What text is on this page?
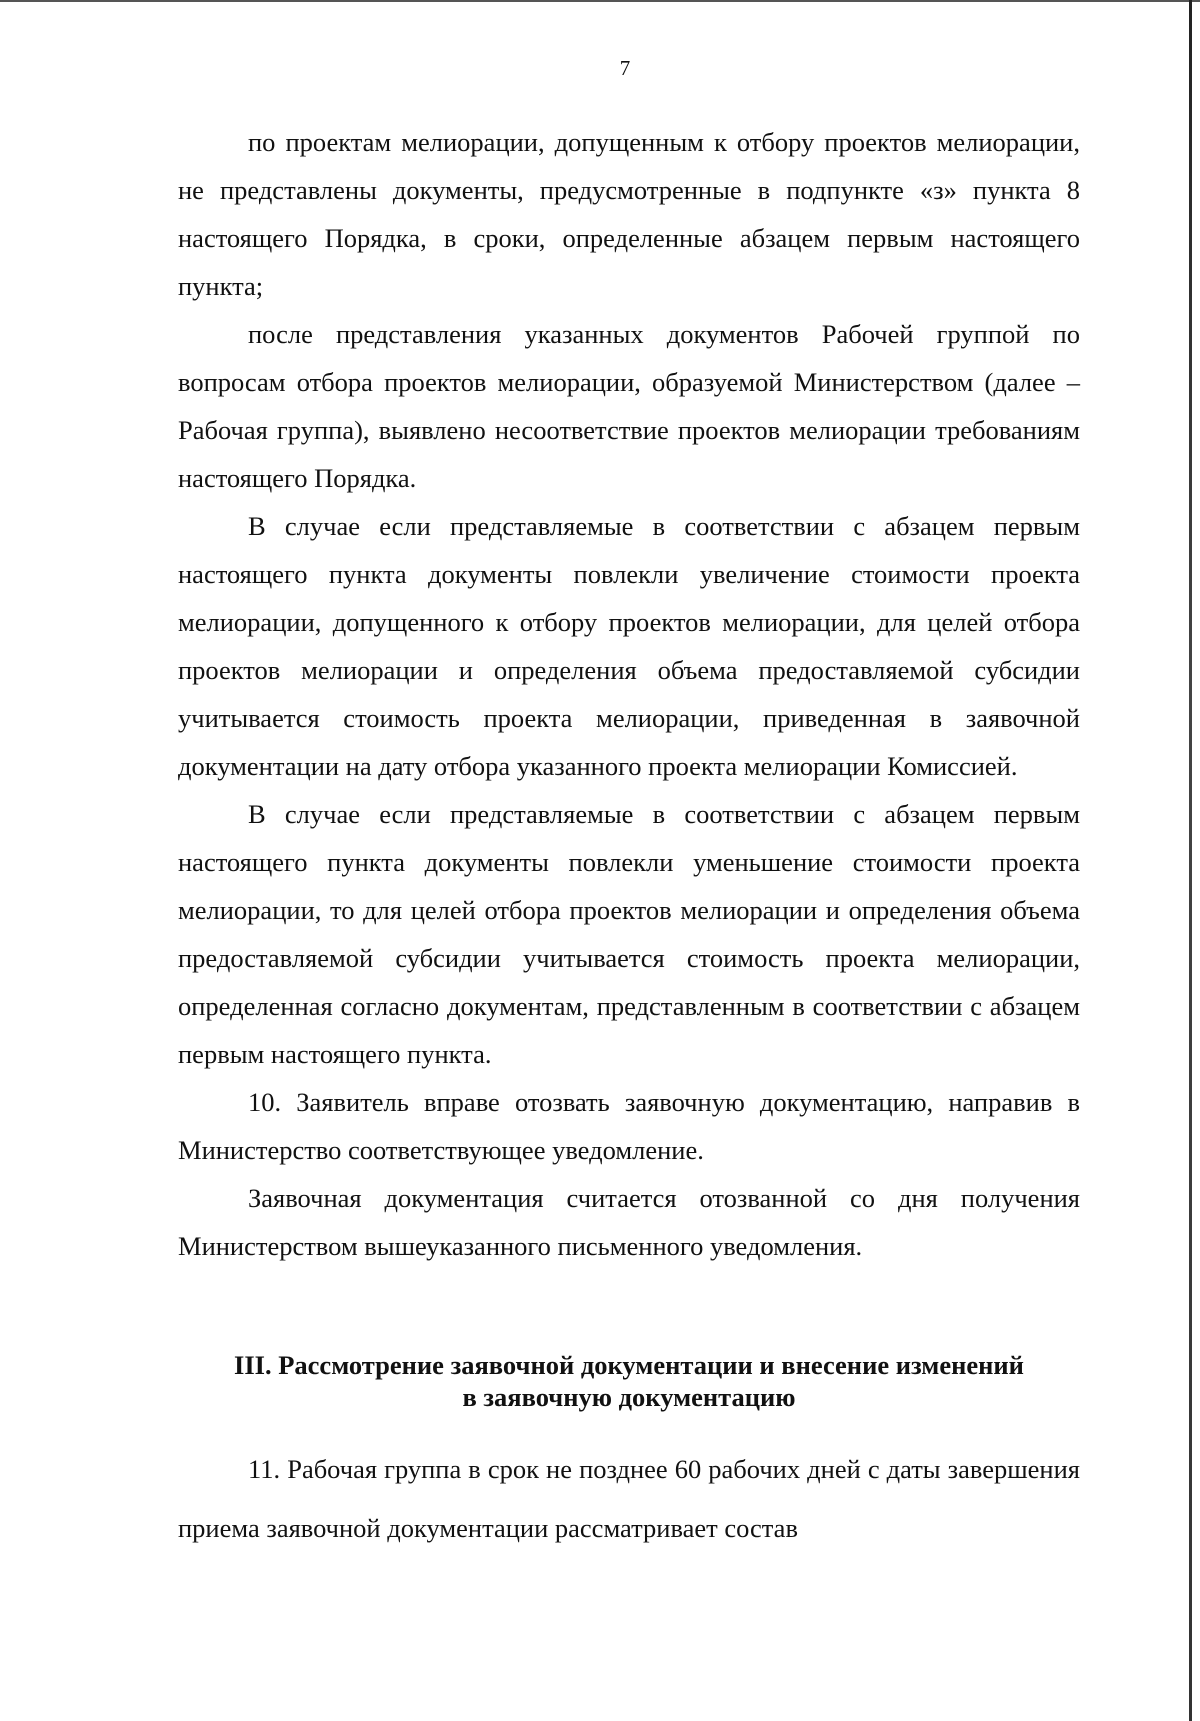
7

по проектам мелиорации, допущенным к отбору проектов мелиорации, не представлены документы, предусмотренные в подпункте «з» пункта 8 настоящего Порядка, в сроки, определенные абзацем первым настоящего пункта;

после представления указанных документов Рабочей группой по вопросам отбора проектов мелиорации, образуемой Министерством (далее – Рабочая группа), выявлено несоответствие проектов мелиорации требованиям настоящего Порядка.

В случае если представляемые в соответствии с абзацем первым настоящего пункта документы повлекли увеличение стоимости проекта мелиорации, допущенного к отбору проектов мелиорации, для целей отбора проектов мелиорации и определения объема предоставляемой субсидии учитывается стоимость проекта мелиорации, приведенная в заявочной документации на дату отбора указанного проекта мелиорации Комиссией.

В случае если представляемые в соответствии с абзацем первым настоящего пункта документы повлекли уменьшение стоимости проекта мелиорации, то для целей отбора проектов мелиорации и определения объема предоставляемой субсидии учитывается стоимость проекта мелиорации, определенная согласно документам, представленным в соответствии с абзацем первым настоящего пункта.

10. Заявитель вправе отозвать заявочную документацию, направив в Министерство соответствующее уведомление.

Заявочная документация считается отозванной со дня получения Министерством вышеуказанного письменного уведомления.

III. Рассмотрение заявочной документации и внесение изменений
в заявочную документацию

11. Рабочая группа в срок не позднее 60 рабочих дней с даты завершения приема заявочной документации рассматривает состав
